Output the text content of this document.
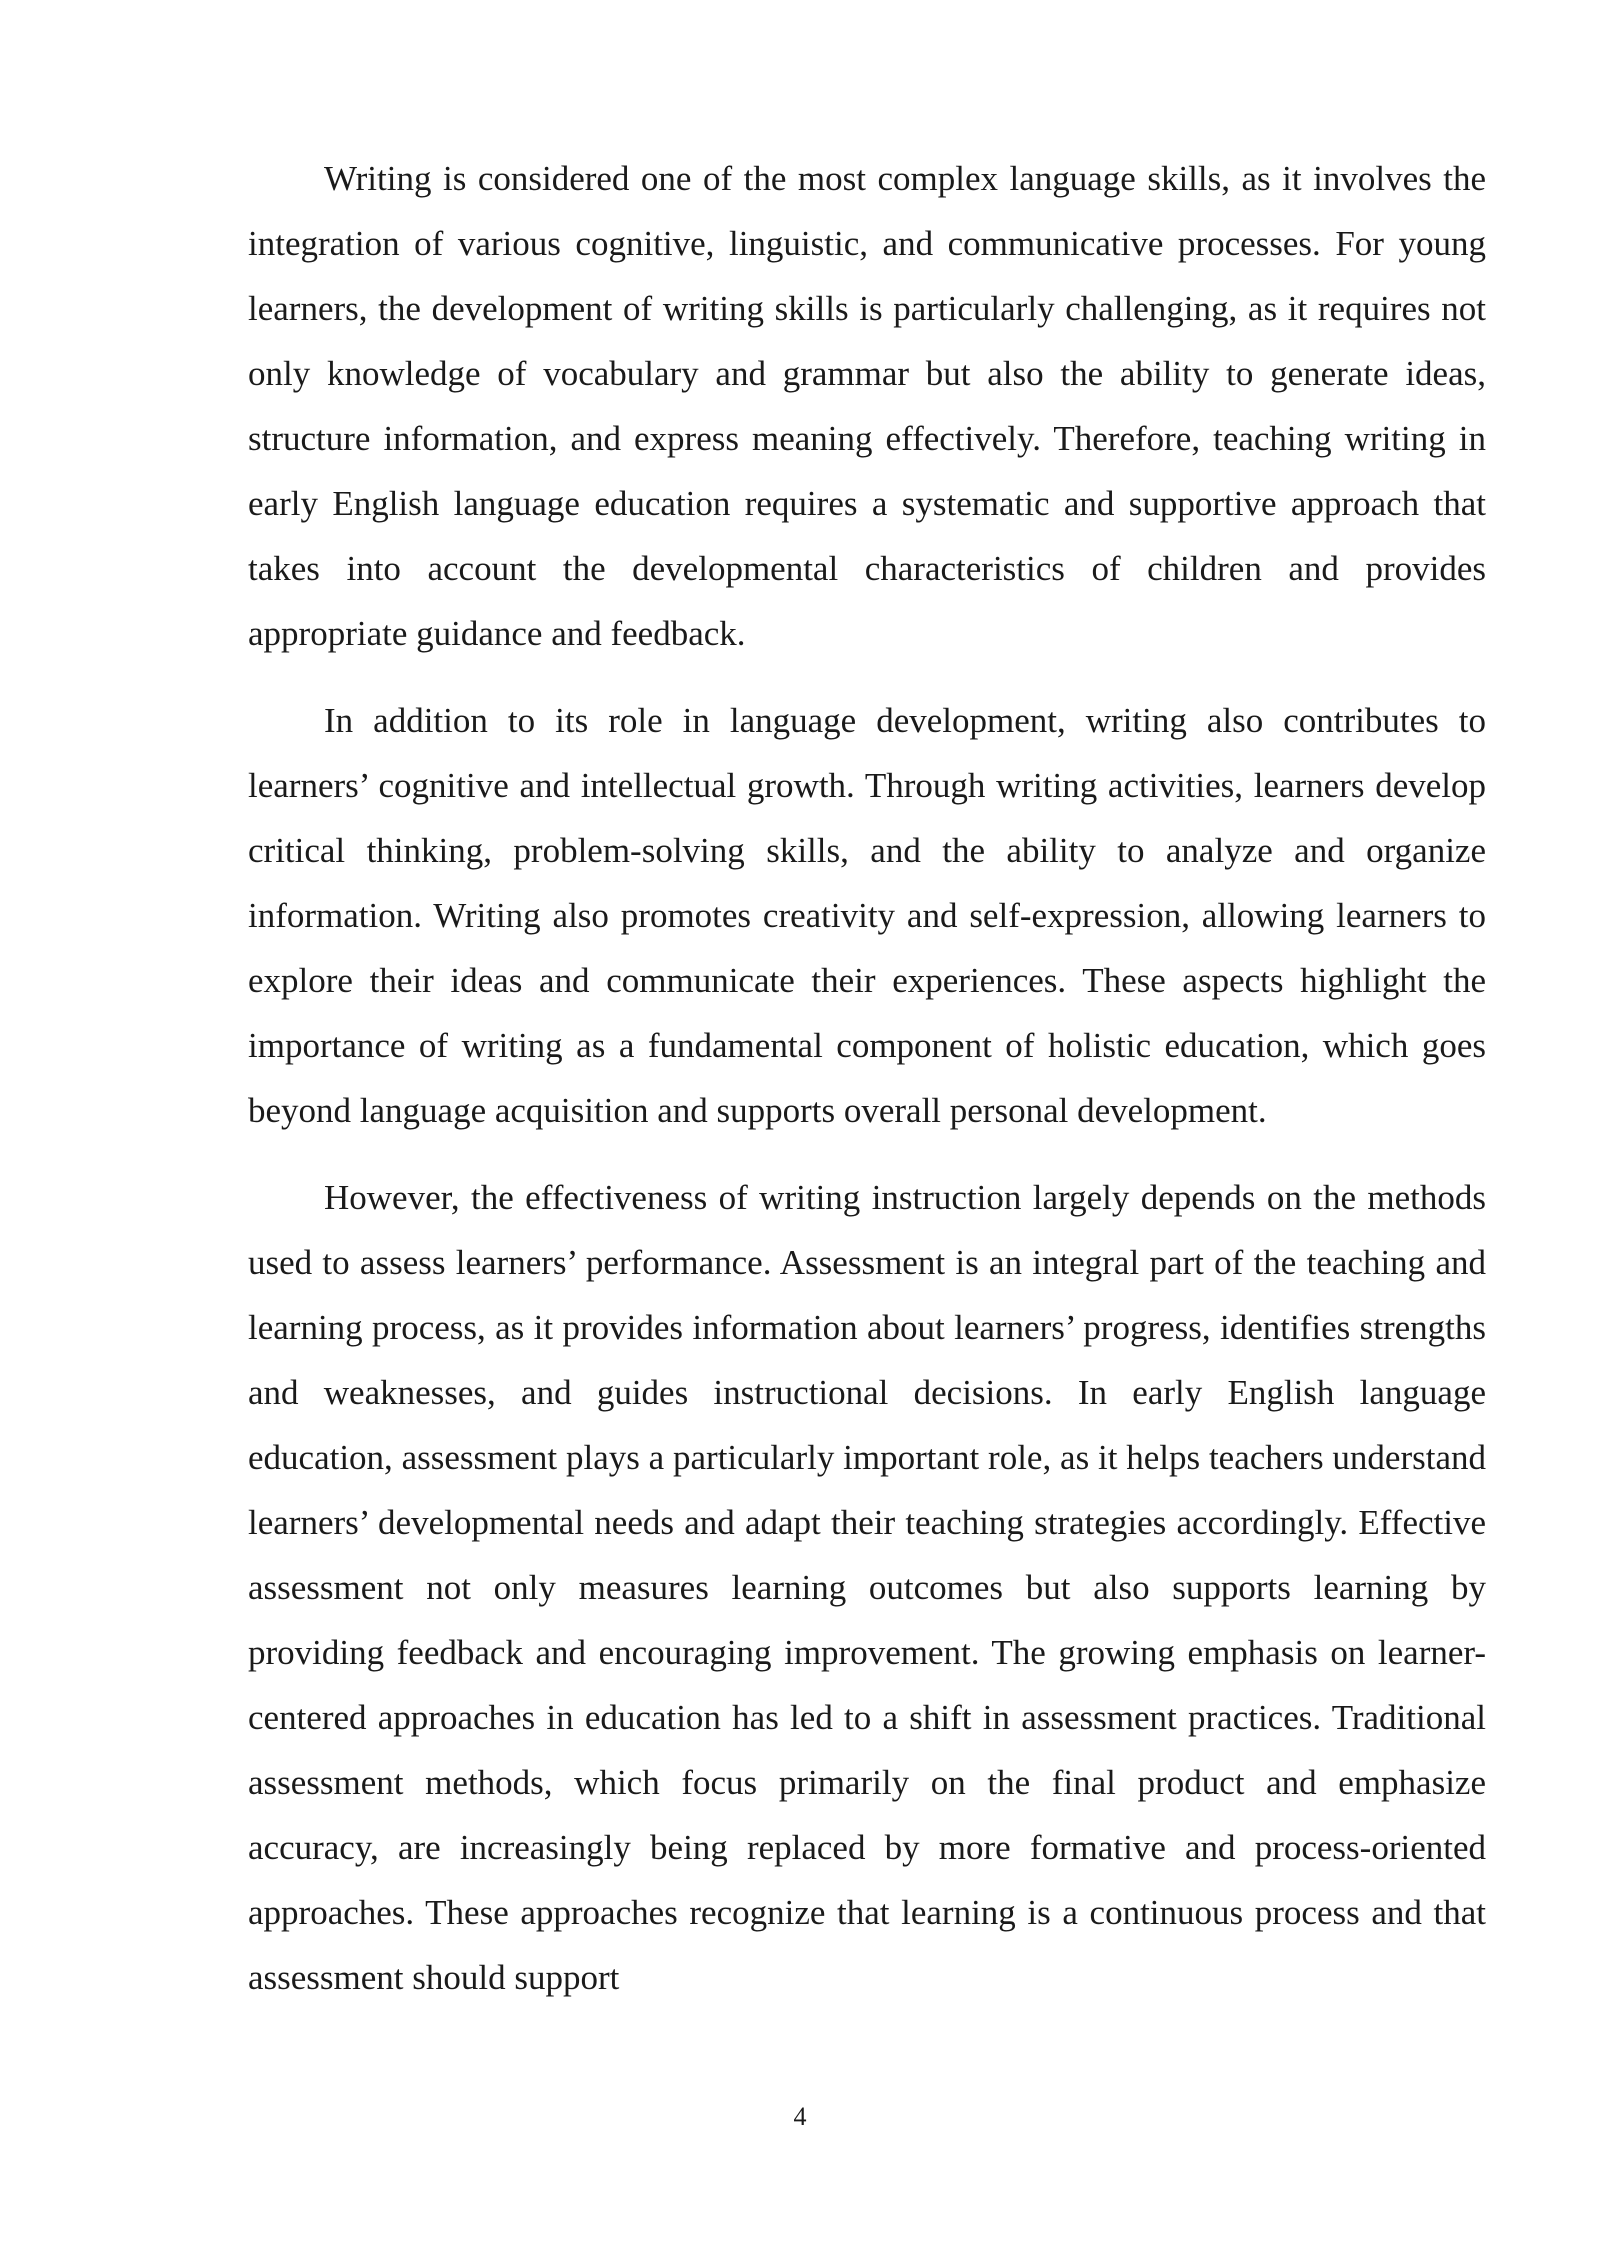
Writing is considered one of the most complex language skills, as it involves the integration of various cognitive, linguistic, and communicative processes. For young learners, the development of writing skills is particularly challenging, as it requires not only knowledge of vocabulary and grammar but also the ability to generate ideas, structure information, and express meaning effectively. Therefore, teaching writing in early English language education requires a systematic and supportive approach that takes into account the developmental characteristics of children and provides appropriate guidance and feedback.

In addition to its role in language development, writing also contributes to learners’ cognitive and intellectual growth. Through writing activities, learners develop critical thinking, problem-solving skills, and the ability to analyze and organize information. Writing also promotes creativity and self-expression, allowing learners to explore their ideas and communicate their experiences. These aspects highlight the importance of writing as a fundamental component of holistic education, which goes beyond language acquisition and supports overall personal development.

However, the effectiveness of writing instruction largely depends on the methods used to assess learners’ performance. Assessment is an integral part of the teaching and learning process, as it provides information about learners’ progress, identifies strengths and weaknesses, and guides instructional decisions. In early English language education, assessment plays a particularly important role, as it helps teachers understand learners’ developmental needs and adapt their teaching strategies accordingly. Effective assessment not only measures learning outcomes but also supports learning by providing feedback and encouraging improvement. The growing emphasis on learner-centered approaches in education has led to a shift in assessment practices. Traditional assessment methods, which focus primarily on the final product and emphasize accuracy, are increasingly being replaced by more formative and process-oriented approaches. These approaches recognize that learning is a continuous process and that assessment should support

4
